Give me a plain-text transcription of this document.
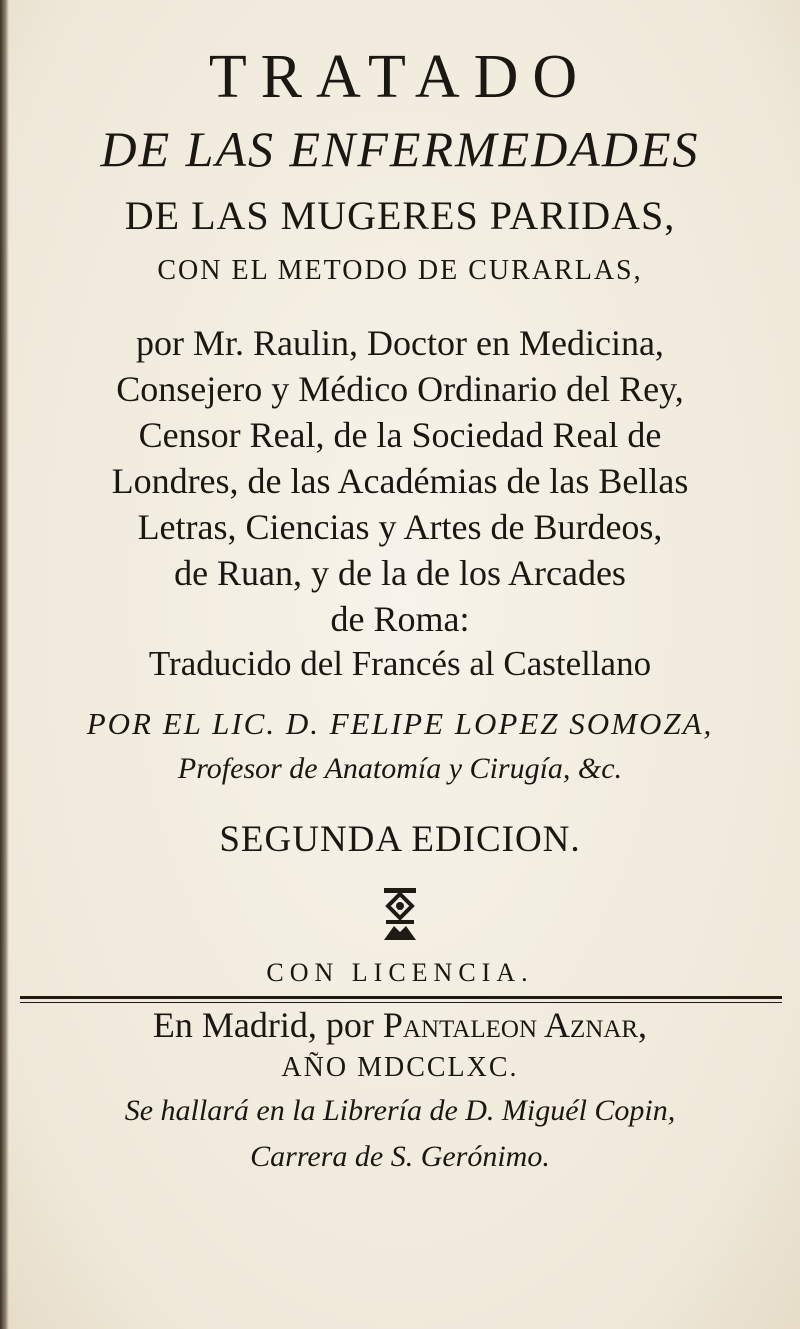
TRATADO
DE LAS ENFERMEDADES
DE LAS MUGERES PARIDAS,
CON EL METODO DE CURARLAS,
por Mr. Raulin, Doctor en Medicina,
Consejero y Médico Ordinario del Rey,
Censor Real, de la Sociedad Real de
Londres, de las Académias de las Bellas
Letras, Ciencias y Artes de Burdeos,
de Ruan, y de la de los Arcades
de Roma:
Traducido del Francés al Castellano
POR EL LIC. D. FELIPE LOPEZ SOMOZA,
Profesor de Anatomía y Cirugía, &c.
SEGUNDA EDICION.
CON LICENCIA.
En Madrid, por Pantaleon Aznar,
AÑO MDCCLXC.
Se hallará en la Librería de D. Miguél Copin,
Carrera de S. Gerónimo.
